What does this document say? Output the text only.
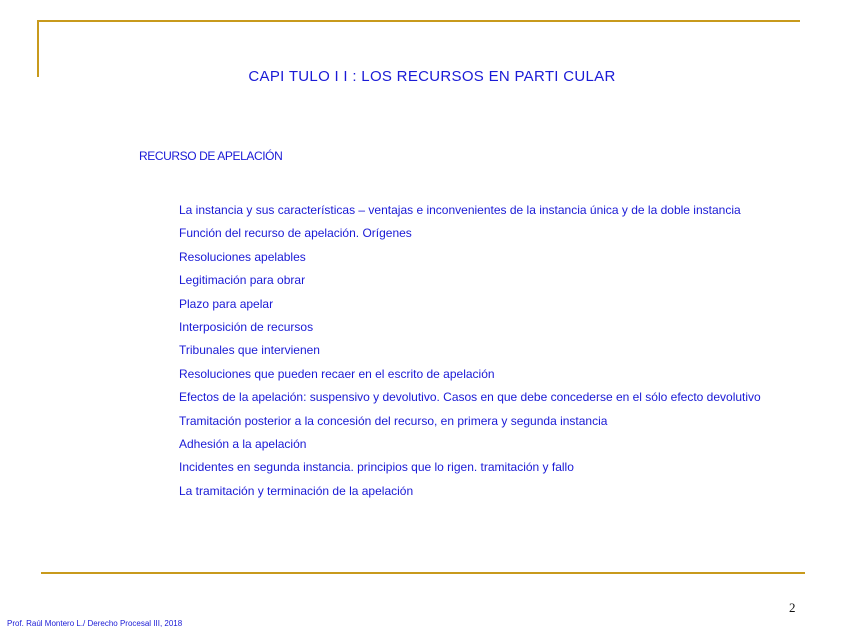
CAPI TULO I I : LOS RECURSOS EN PARTI CULAR
RECURSO DE APELACIÓN
La instancia y sus características – ventajas e inconvenientes de la instancia única y de la doble instancia
Función del recurso de apelación. Orígenes
Resoluciones apelables
Legitimación para obrar
Plazo para apelar
Interposición de recursos
Tribunales que intervienen
Resoluciones que pueden recaer en el escrito de apelación
Efectos de la apelación: suspensivo y devolutivo. Casos en que debe concederse en el sólo efecto devolutivo
Tramitación posterior a la concesión del recurso, en primera y segunda instancia
Adhesión a la apelación
Incidentes en segunda instancia. principios que lo rigen. tramitación y fallo
La tramitación y terminación de la apelación
2
Prof. Raúl Montero L./ Derecho Procesal III, 2018
